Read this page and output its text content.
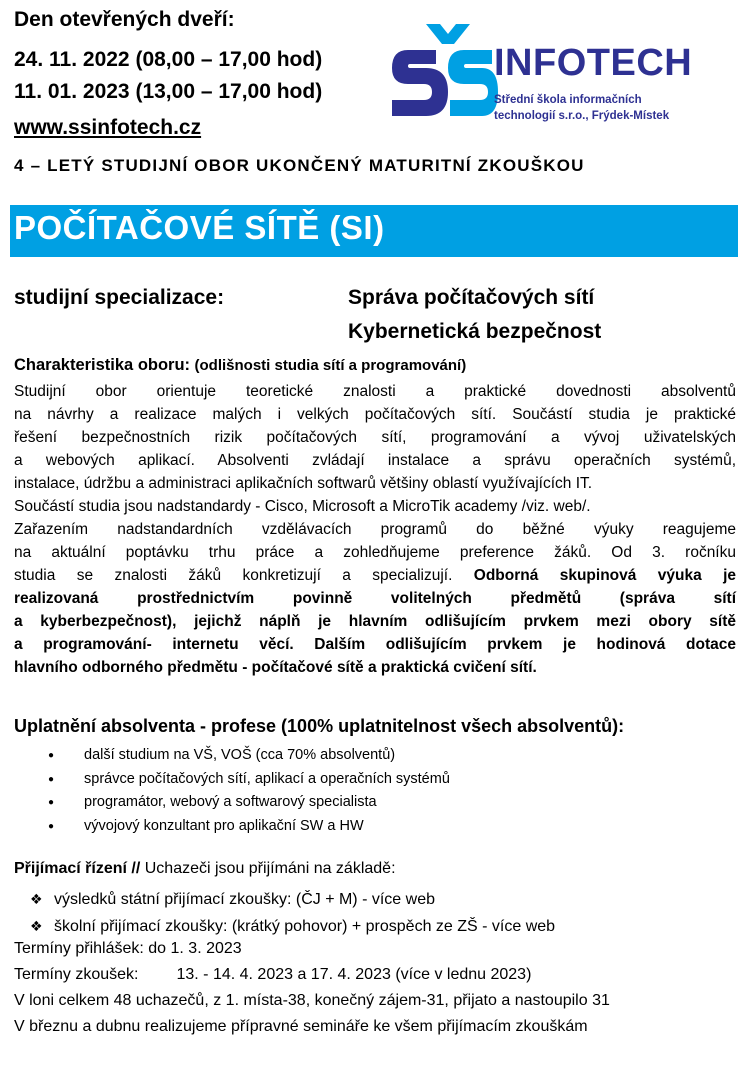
Den otevřených dveří:
24. 11. 2022 (08,00 – 17,00 hod)
11. 01. 2023 (13,00 – 17,00 hod)
www.ssinfotech.cz
INFOTECH
Střední škola informačních
technologií s.r.o., Frýdek-Místek
4 – LETÝ STUDIJNÍ OBOR UKONČENÝ MATURITNÍ ZKOUŠKOU
POČÍTAČOVÉ SÍTĚ (SI)
studijní specializace:	Správa počítačových sítí
Kybernetická bezpečnost
Charakteristika oboru: (odlišnosti studia sítí a programování)
Studijní obor orientuje teoretické znalosti a praktické dovednosti absolventů
na návrhy a realizace malých i velkých počítačových sítí. Součástí studia je praktické
řešení bezpečnostních rizik počítačových sítí, programování a vývoj uživatelských
a webových aplikací. Absolventi zvládají instalace a správu operačních systémů,
instalace, údržbu a administraci aplikačních softwarů většiny oblastí využívajících IT.
Součástí studia jsou nadstandardy - Cisco, Microsoft a MicroTik academy /viz. web/.
Zařazením nadstandardních vzdělávacích programů do běžné výuky reagujeme
na aktuální poptávku trhu práce a zohledňujeme preference žáků. Od 3. ročníku
studia se znalosti žáků konkretizují a specializují. Odborná skupinová výuka je
realizovaná prostřednictvím povinně volitelných předmětů (správa sítí
a kyberbezpečnost), jejichž náplň je hlavním odlišujícím prvkem mezi obory sítě
a programování- internetu věcí. Dalším odlišujícím prvkem je hodinová dotace
hlavního odborného předmětu - počítačové sítě a praktická cvičení sítí.
Uplatnění absolventa - profese (100% uplatnitelnost všech absolventů):
● další studium na VŠ, VOŠ (cca 70% absolventů)
● správce počítačových sítí, aplikací a operačních systémů
● programátor, webový a softwarový specialista
● vývojový konzultant pro aplikační SW a HW
Přijímací řízení // Uchazeči jsou přijímáni na základě:
❖ výsledků státní přijímací zkoušky: (ČJ + M) - více web
❖ školní přijímací zkoušky: (krátký pohovor) + prospěch ze ZŠ - více web
Termíny přihlášek: do 1. 3. 2023
Termíny zkoušek: 13. - 14. 4. 2023 a 17. 4. 2023 (více v lednu 2023)
V loni celkem 48 uchazečů, z 1. místa-38, konečný zájem-31, přijato a nastoupilo 31
V březnu a dubnu realizujeme přípravné semináře ke všem přijímacím zkouškám
